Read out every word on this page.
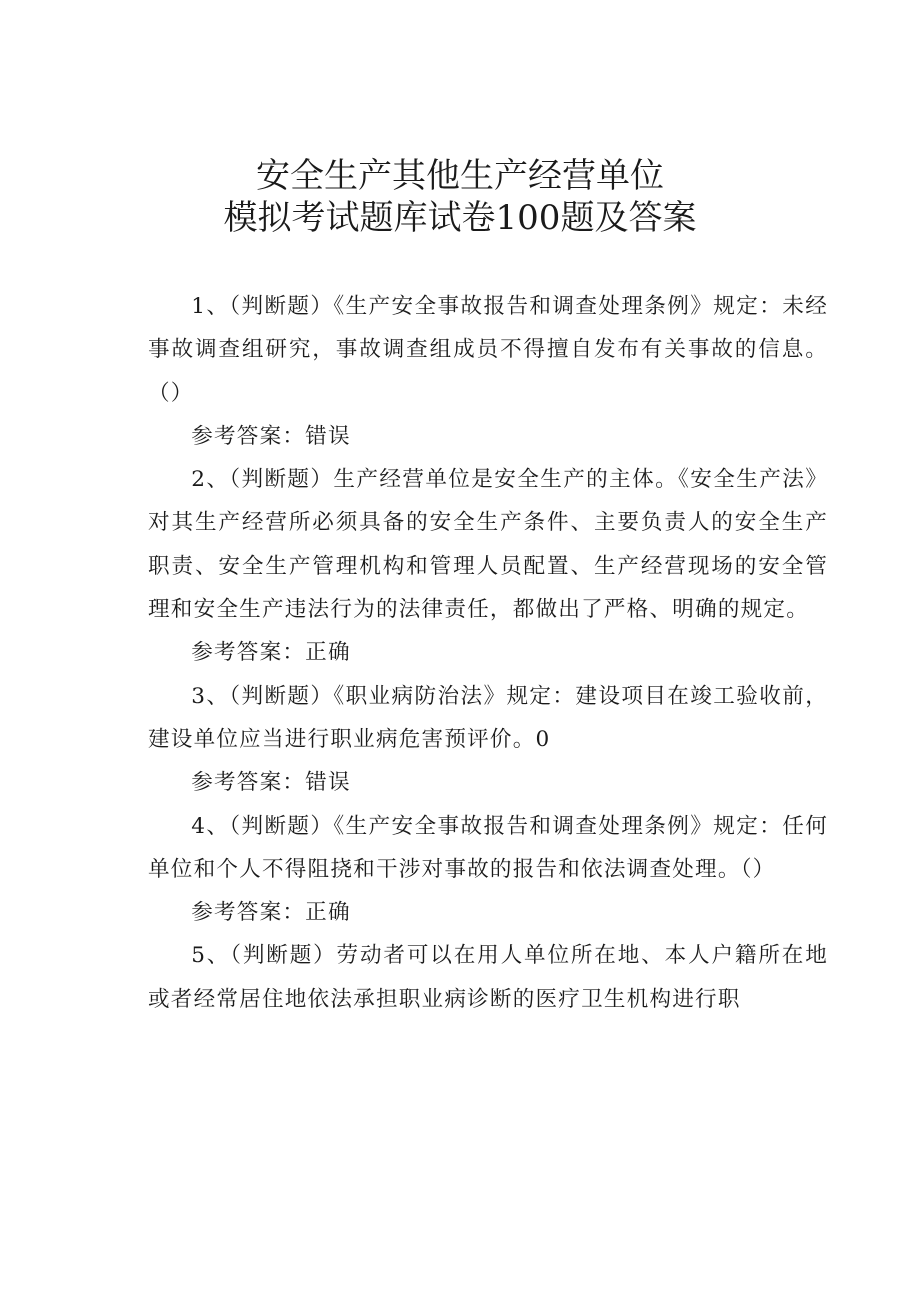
安全生产其他生产经营单位
模拟考试题库试卷100题及答案

1、（判断题）《生产安全事故报告和调查处理条例》规定：未经事故调查组研究，事故调查组成员不得擅自发布有关事故的信息。（）

参考答案：错误

2、（判断题）生产经营单位是安全生产的主体。《安全生产法》对其生产经营所必须具备的安全生产条件、主要负责人的安全生产职责、安全生产管理机构和管理人员配置、生产经营现场的安全管理和安全生产违法行为的法律责任，都做出了严格、明确的规定。

参考答案：正确

3、（判断题）《职业病防治法》规定：建设项目在竣工验收前，建设单位应当进行职业病危害预评价。0

参考答案：错误

4、（判断题）《生产安全事故报告和调查处理条例》规定：任何单位和个人不得阻挠和干涉对事故的报告和依法调查处理。（）

参考答案：正确

5、（判断题）劳动者可以在用人单位所在地、本人户籍所在地或者经常居住地依法承担职业病诊断的医疗卫生机构进行职
